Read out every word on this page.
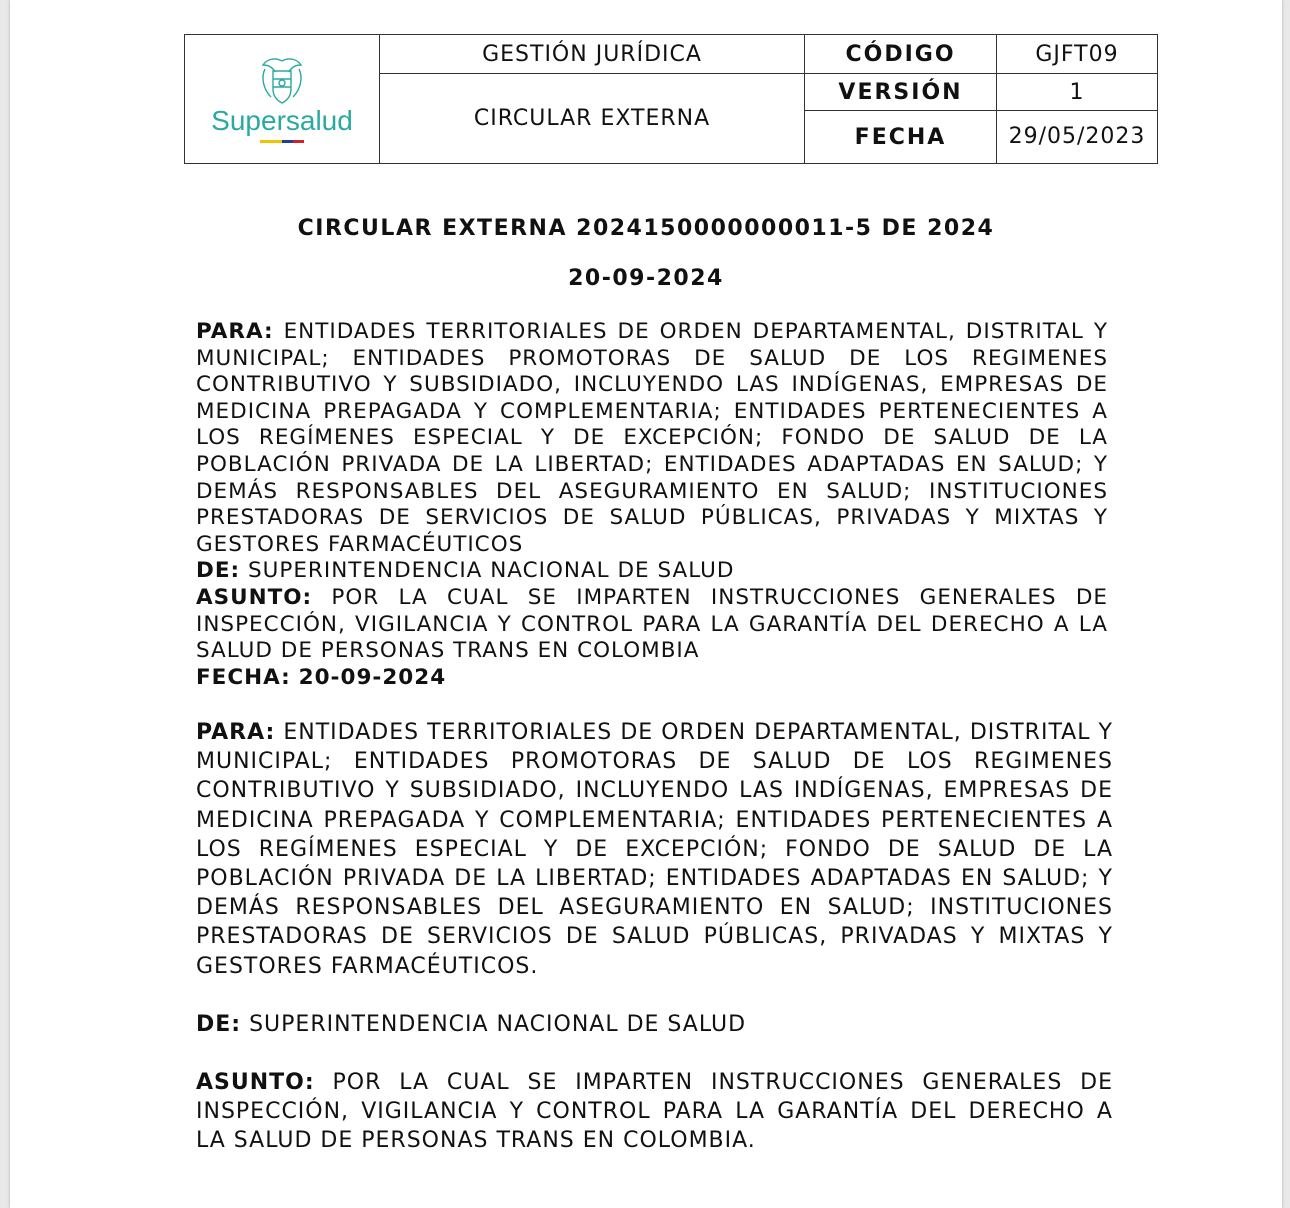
Supersalud	GESTIÓN JURÍDICA	CÓDIGO	GJFT09
	CIRCULAR EXTERNA	VERSIÓN	1
		FECHA	29/05/2023
CIRCULAR EXTERNA 2024150000000011-5 DE 2024
20-09-2024

PARA: ENTIDADES TERRITORIALES DE ORDEN DEPARTAMENTAL, DISTRITAL Y MUNICIPAL; ENTIDADES PROMOTORAS DE SALUD DE LOS REGIMENES CONTRIBUTIVO Y SUBSIDIADO, INCLUYENDO LAS INDÍGENAS, EMPRESAS DE MEDICINA PREPAGADA Y COMPLEMENTARIA; ENTIDADES PERTENECIENTES A LOS REGÍMENES ESPECIAL Y DE EXCEPCIÓN; FONDO DE SALUD DE LA POBLACIÓN PRIVADA DE LA LIBERTAD; ENTIDADES ADAPTADAS EN SALUD; Y DEMÁS RESPONSABLES DEL ASEGURAMIENTO EN SALUD; INSTITUCIONES PRESTADORAS DE SERVICIOS DE SALUD PÚBLICAS, PRIVADAS Y MIXTAS Y GESTORES FARMACÉUTICOS

DE: SUPERINTENDENCIA NACIONAL DE SALUD

ASUNTO: POR LA CUAL SE IMPARTEN INSTRUCCIONES GENERALES DE INSPECCIÓN, VIGILANCIA Y CONTROL PARA LA GARANTÍA DEL DERECHO A LA SALUD DE PERSONAS TRANS EN COLOMBIA

FECHA: 20-09-2024

PARA: ENTIDADES TERRITORIALES DE ORDEN DEPARTAMENTAL, DISTRITAL Y MUNICIPAL; ENTIDADES PROMOTORAS DE SALUD DE LOS REGIMENES CONTRIBUTIVO Y SUBSIDIADO, INCLUYENDO LAS INDÍGENAS, EMPRESAS DE MEDICINA PREPAGADA Y COMPLEMENTARIA; ENTIDADES PERTENECIENTES A LOS REGÍMENES ESPECIAL Y DE EXCEPCIÓN; FONDO DE SALUD DE LA POBLACIÓN PRIVADA DE LA LIBERTAD; ENTIDADES ADAPTADAS EN SALUD; Y DEMÁS RESPONSABLES DEL ASEGURAMIENTO EN SALUD; INSTITUCIONES PRESTADORAS DE SERVICIOS DE SALUD PÚBLICAS, PRIVADAS Y MIXTAS Y GESTORES FARMACÉUTICOS.

DE: SUPERINTENDENCIA NACIONAL DE SALUD

ASUNTO: POR LA CUAL SE IMPARTEN INSTRUCCIONES GENERALES DE INSPECCIÓN, VIGILANCIA Y CONTROL PARA LA GARANTÍA DEL DERECHO A LA SALUD DE PERSONAS TRANS EN COLOMBIA.
